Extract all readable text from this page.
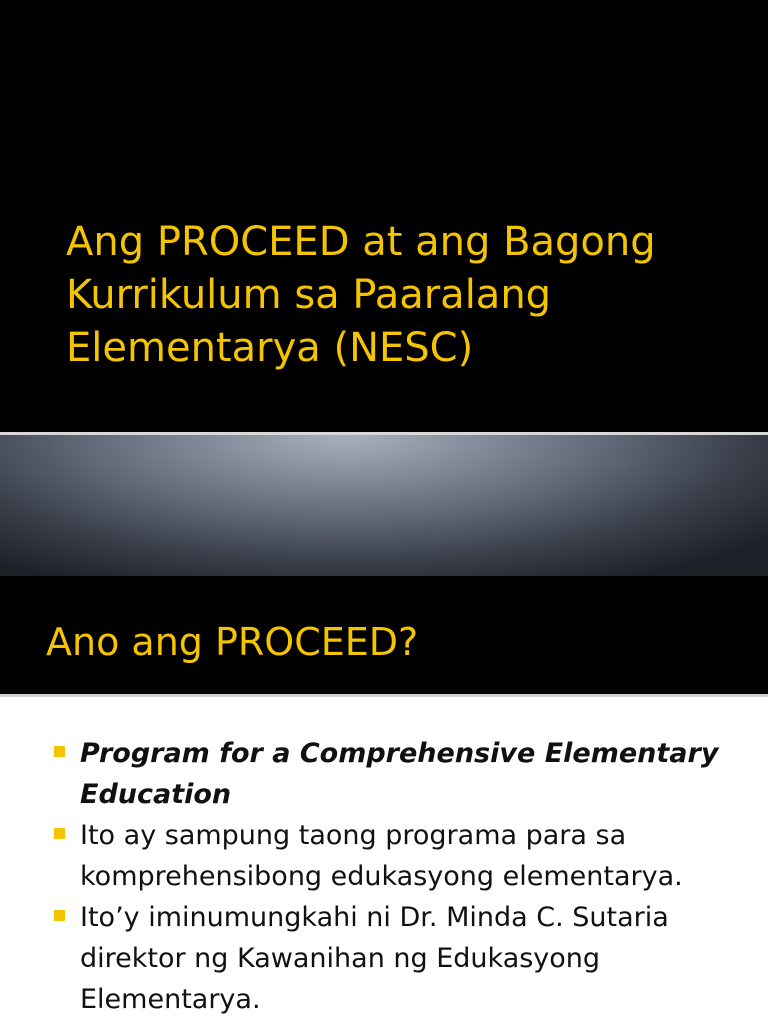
Ang PROCEED at ang Bagong
Kurrikulum sa Paaralang
Elementarya (NESC)
Ano ang PROCEED?
Program for a Comprehensive Elementary
Education
Ito ay sampung taong programa para sa
komprehensibong edukasyong elementarya.
Ito’y iminumungkahi ni Dr. Minda C. Sutaria
direktor ng Kawanihan ng Edukasyong
Elementarya.
